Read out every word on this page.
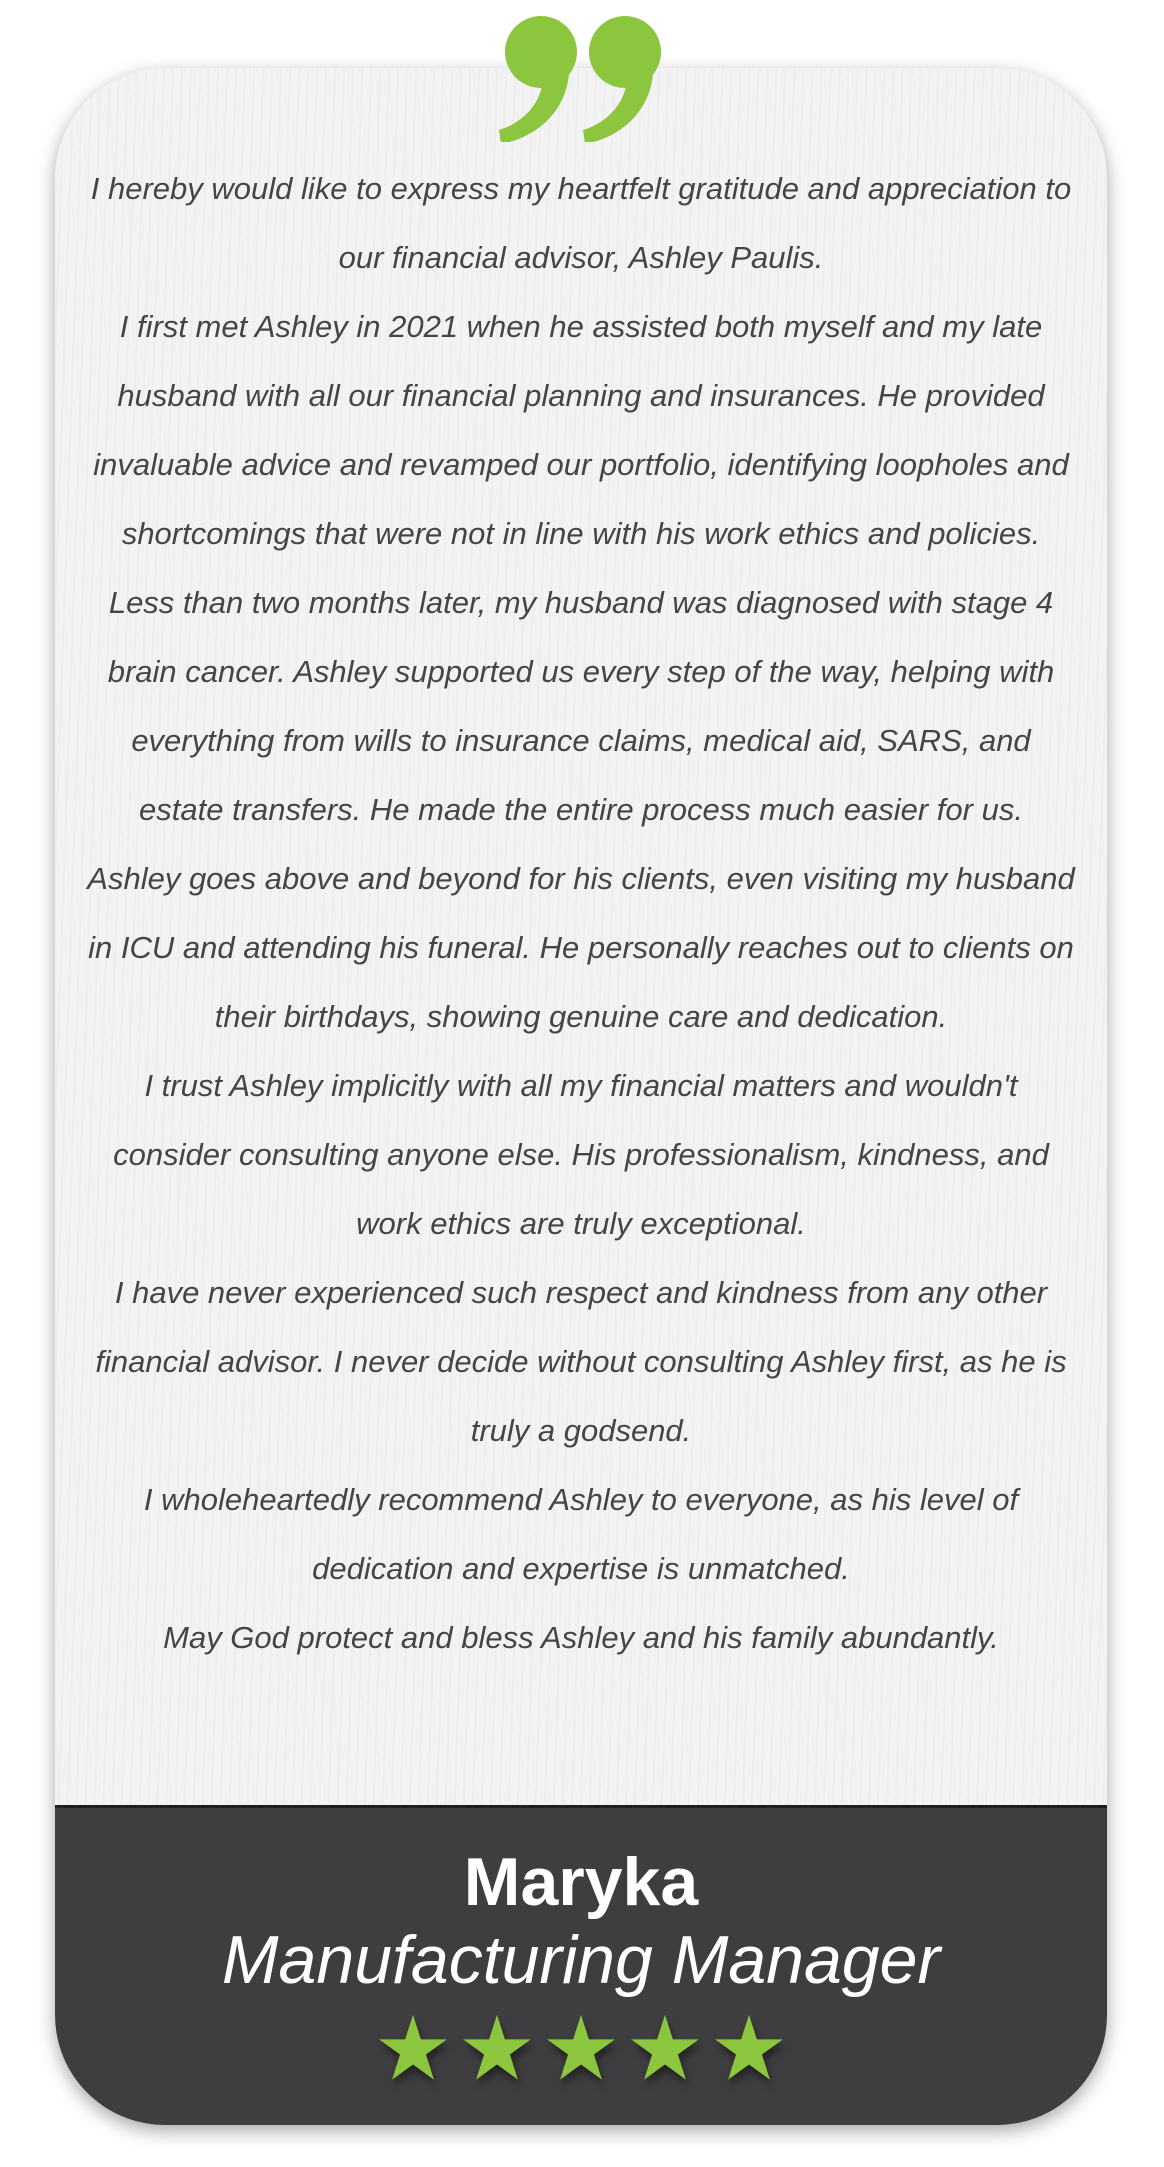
I hereby would like to express my heartfelt gratitude and appreciation to our financial advisor, Ashley Paulis.

I first met Ashley in 2021 when he assisted both myself and my late husband with all our financial planning and insurances. He provided invaluable advice and revamped our portfolio, identifying loopholes and shortcomings that were not in line with his work ethics and policies.

Less than two months later, my husband was diagnosed with stage 4 brain cancer. Ashley supported us every step of the way, helping with everything from wills to insurance claims, medical aid, SARS, and estate transfers. He made the entire process much easier for us.

Ashley goes above and beyond for his clients, even visiting my husband in ICU and attending his funeral. He personally reaches out to clients on their birthdays, showing genuine care and dedication.

I trust Ashley implicitly with all my financial matters and wouldn't consider consulting anyone else. His professionalism, kindness, and work ethics are truly exceptional.

I have never experienced such respect and kindness from any other financial advisor. I never decide without consulting Ashley first, as he is truly a godsend.

I wholeheartedly recommend Ashley to everyone, as his level of dedication and expertise is unmatched.

May God protect and bless Ashley and his family abundantly.

Maryka
Manufacturing Manager
